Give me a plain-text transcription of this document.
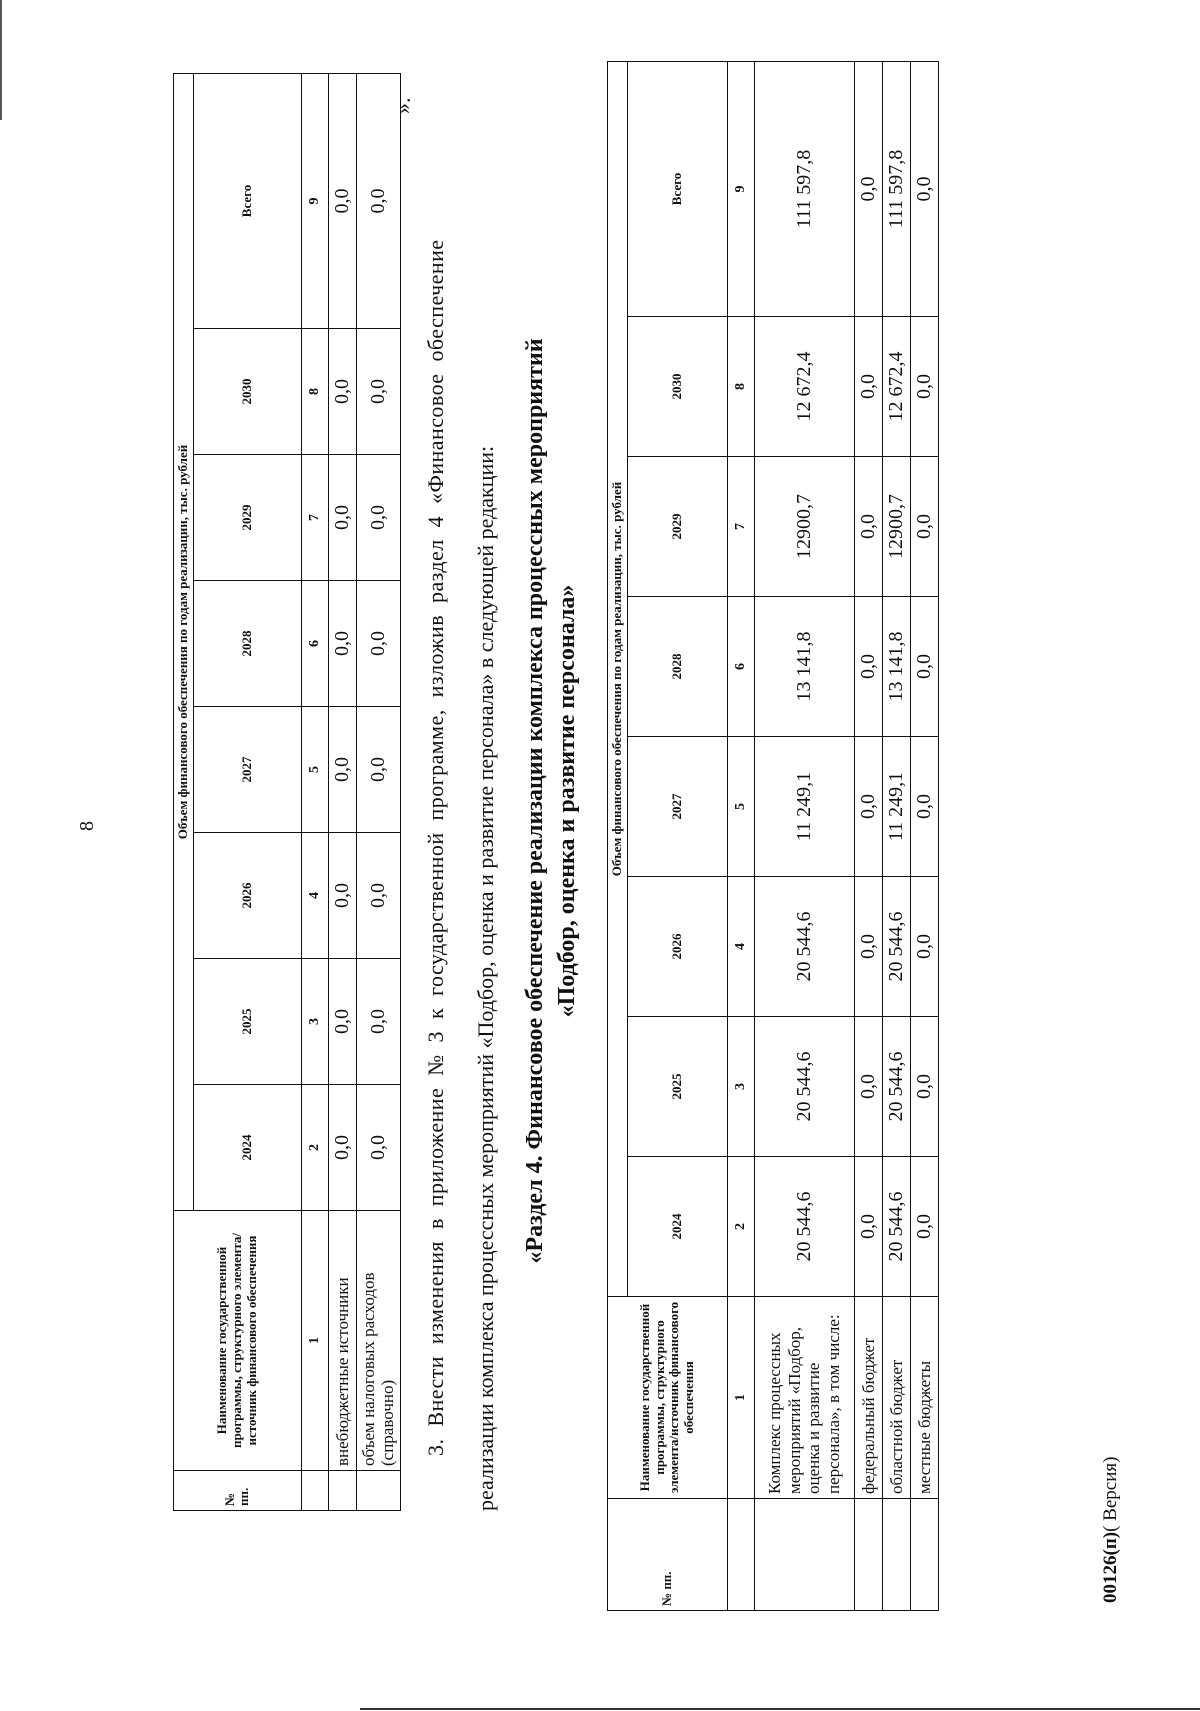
8
№ пп.	Наименование государственной программы, структурного элемента/источник финансового обеспечения	Объем финансового обеспечения по годам реализации, тыс. рублей							
		2024	2025	2026	2027	2028	2029	2030	Всего
	1	2	3	4	5	6	7	8	9
	внебюджетные источники	0,0	0,0	0,0	0,0	0,0	0,0	0,0	0,0
	объем налоговых расходов (справочно)	0,0	0,0	0,0	0,0	0,0	0,0	0,0	0,0
».
3. Внести изменения в приложение № 3 к государственной программе, изложив раздел 4 «Финансовое обеспечение реализации комплекса процессных мероприятий «Подбор, оценка и развитие персонала» в следующей редакции: «Раздел 4. Финансовое обеспечение реализации комплекса процессных мероприятий «Подбор, оценка и развитие персонала»
№ пп.	Наименование государственной программы, структурного элемента/источник финансового обеспечения	Объем финансового обеспечения по годам реализации, тыс. рублей							
		2024	2025	2026	2027	2028	2029	2030	Всего
	1	2	3	4	5	6	7	8	9
	Комплекс процессных мероприятий «Подбор, оценка и развитие персонала», в том числе:	20 544,6	20 544,6	20 544,6	11 249,1	13 141,8	12900,7	12 672,4	111 597,8
	федеральный бюджет	0,0	0,0	0,0	0,0	0,0	0,0	0,0	0,0
	областной бюджет	20 544,6	20 544,6	20 544,6	11 249,1	13 141,8	12900,7	12 672,4	111 597,8
	местные бюджеты	0,0	0,0	0,0	0,0	0,0	0,0	0,0	0,0
00126(п)( Версия)
